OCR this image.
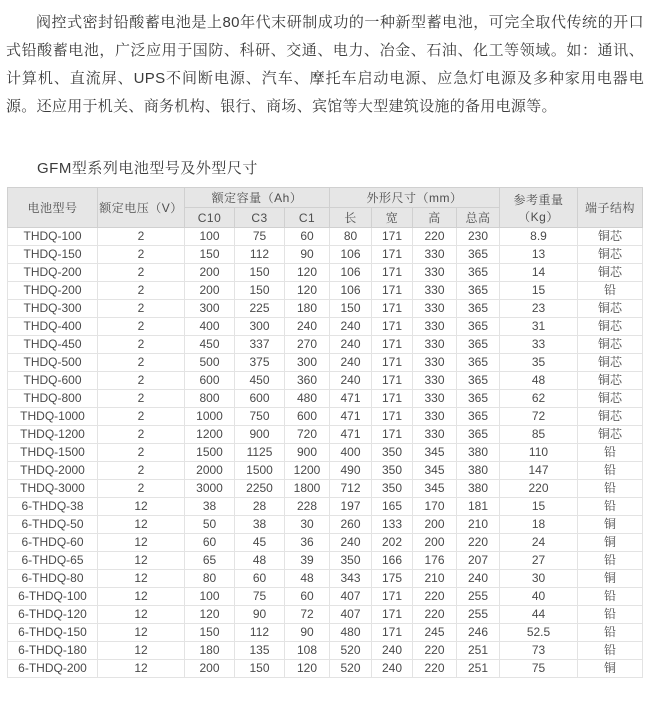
阀控式密封铅酸蓄电池是上80年代末研制成功的一种新型蓄电池，可完全取代传统的开口式铅酸蓄电池，广泛应用于国防、科研、交通、电力、冶金、石油、化工等领域。如：通讯、计算机、直流屏、UPS不间断电源、汽车、摩托车启动电源、应急灯电源及多种家用电器电源。还应用于机关、商务机构、银行、商场、宾馆等大型建筑设施的备用电源等。

GFM型系列电池型号及外型尺寸
电池型号	额定电压（V）	额定容量（Ah）			外形尺寸（mm）				参考重量（Kg）	端子结构
		C10	C3	C1	长	宽	高	总高		
THDQ-100	2	100	75	60	80	171	220	230	8.9	铜芯
THDQ-150	2	150	112	90	106	171	330	365	13	铜芯
THDQ-200	2	200	150	120	106	171	330	365	14	铜芯
THDQ-200	2	200	150	120	106	171	330	365	15	铅
THDQ-300	2	300	225	180	150	171	330	365	23	铜芯
THDQ-400	2	400	300	240	240	171	330	365	31	铜芯
THDQ-450	2	450	337	270	240	171	330	365	33	铜芯
THDQ-500	2	500	375	300	240	171	330	365	35	铜芯
THDQ-600	2	600	450	360	240	171	330	365	48	铜芯
THDQ-800	2	800	600	480	471	171	330	365	62	铜芯
THDQ-1000	2	1000	750	600	471	171	330	365	72	铜芯
THDQ-1200	2	1200	900	720	471	171	330	365	85	铜芯
THDQ-1500	2	1500	1125	900	400	350	345	380	110	铅
THDQ-2000	2	2000	1500	1200	490	350	345	380	147	铅
THDQ-3000	2	3000	2250	1800	712	350	345	380	220	铅
6-THDQ-38	12	38	28	228	197	165	170	181	15	铅
6-THDQ-50	12	50	38	30	260	133	200	210	18	铜
6-THDQ-60	12	60	45	36	240	202	200	220	24	铜
6-THDQ-65	12	65	48	39	350	166	176	207	27	铅
6-THDQ-80	12	80	60	48	343	175	210	240	30	铜
6-THDQ-100	12	100	75	60	407	171	220	255	40	铅
6-THDQ-120	12	120	90	72	407	171	220	255	44	铅
6-THDQ-150	12	150	112	90	480	171	245	246	52.5	铅
6-THDQ-180	12	180	135	108	520	240	220	251	73	铅
6-THDQ-200	12	200	150	120	520	240	220	251	75	铜
